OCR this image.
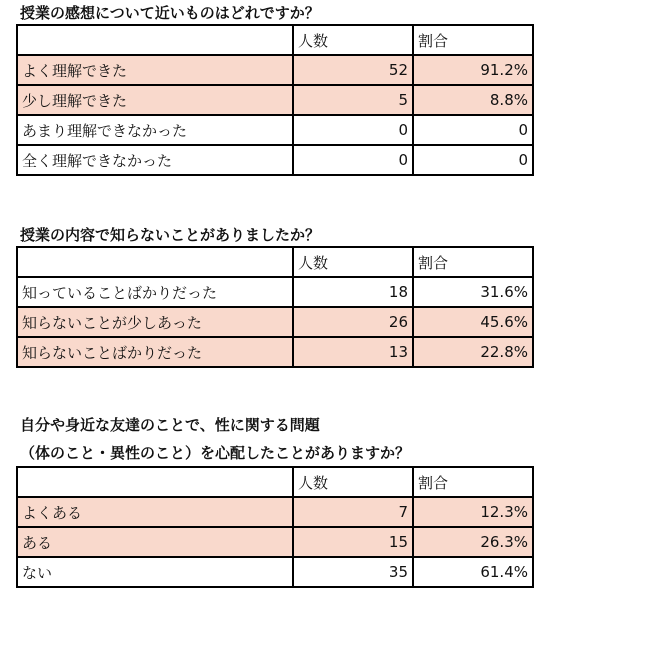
授業の感想について近いものはどれですか？

	人数	割合
よく理解できた	52	91.2%
少し理解できた	5	8.8%
あまり理解できなかった	0	0
全く理解できなかった	0	0

授業の内容で知らないことがありましたか？

	人数	割合
知っていることばかりだった	18	31.6%
知らないことが少しあった	26	45.6%
知らないことばかりだった	13	22.8%

自分や身近な友達のことで、性に関する問題

（体のこと・異性のこと）を心配したことがありますか？

	人数	割合
よくある	7	12.3%
ある	15	26.3%
ない	35	61.4%
